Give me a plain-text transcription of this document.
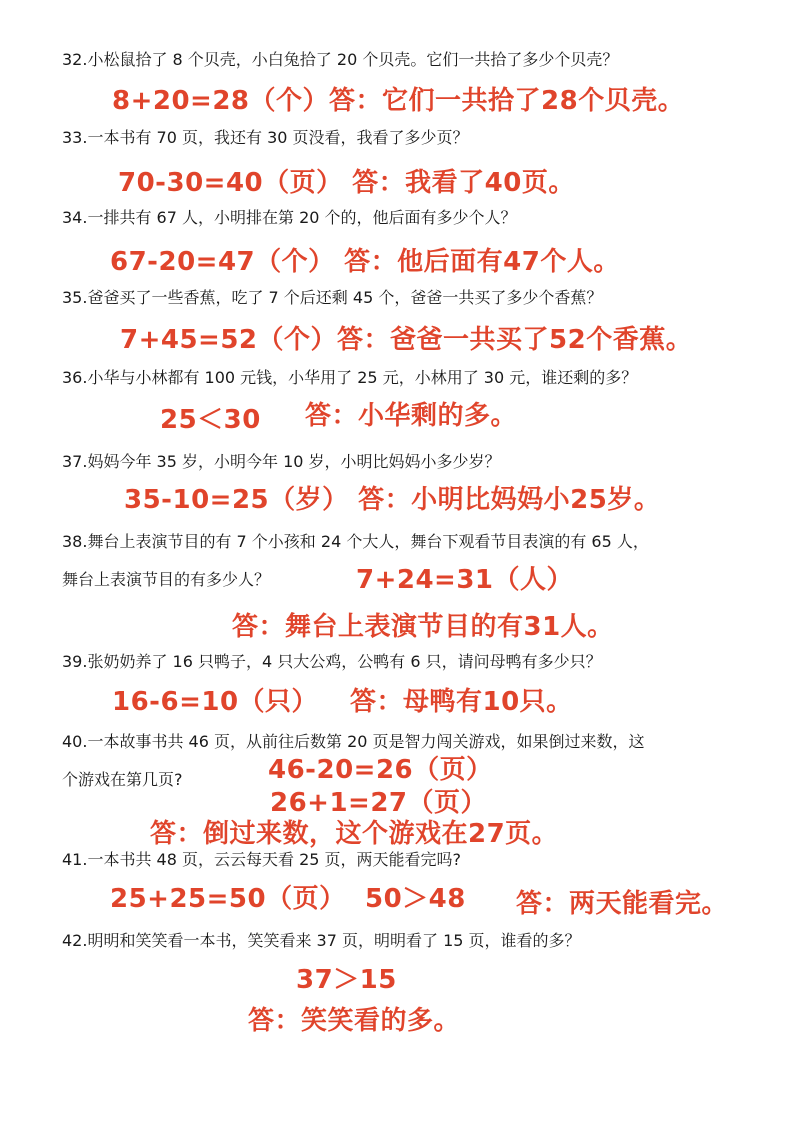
32.小松鼠拾了 8 个贝壳，小白兔拾了 20 个贝壳。它们一共拾了多少个贝壳？
8+20=28（个）答：它们一共拾了28个贝壳。
33.一本书有 70 页，我还有 30 页没看，我看了多少页？
70-30=40（页） 答：我看了40页。
34.一排共有 67 人，小明排在第 20 个的，他后面有多少个人？
67-20=47（个） 答：他后面有47个人。
35.爸爸买了一些香蕉，吃了 7 个后还剩 45 个，爸爸一共买了多少个香蕉？
7+45=52（个）答：爸爸一共买了52个香蕉。
36.小华与小林都有 100 元钱，小华用了 25 元，小林用了 30 元，谁还剩的多？
25＜30 答：小华剩的多。
37.妈妈今年 35 岁，小明今年 10 岁，小明比妈妈小多少岁？
35-10=25（岁） 答：小明比妈妈小25岁。
38.舞台上表演节目的有 7 个小孩和 24 个大人，舞台下观看节目表演的有 65 人，
舞台上表演节目的有多少人？	7+24=31（人）
答：舞台上表演节目的有31人。
39.张奶奶养了 16 只鸭子，4 只大公鸡，公鸭有 6 只，请问母鸭有多少只？
16-6=10（只） 答：母鸭有10只。
40.一本故事书共 46 页，从前往后数第 20 页是智力闯关游戏，如果倒过来数，这
个游戏在第几页?	46-20=26（页）
26+1=27（页）
答：倒过来数，这个游戏在27页。
41.一本书共 48 页，云云每天看 25 页，两天能看完吗?
25+25=50（页） 50＞48 答：两天能看完。
42.明明和笑笑看一本书，笑笑看来 37 页，明明看了 15 页，谁看的多？
37＞15
答：笑笑看的多。
